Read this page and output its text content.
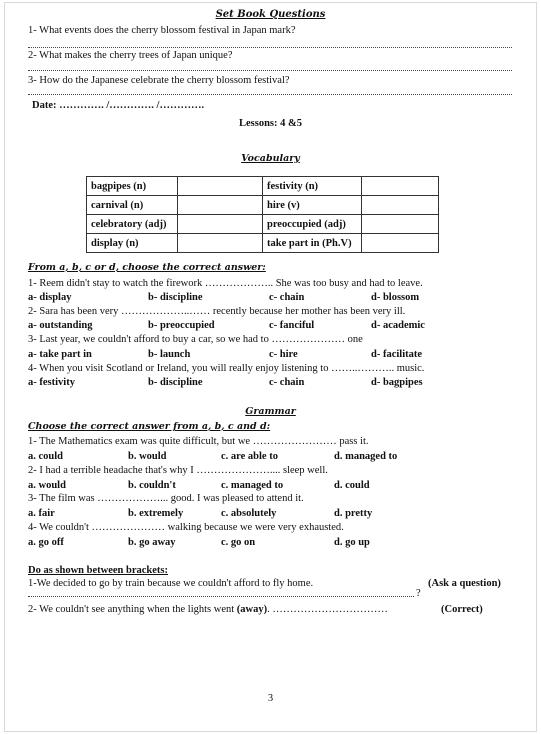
Set Book Questions
1- What events does the cherry blossom festival in Japan mark?
2- What makes the cherry trees of Japan unique?
3- How do the Japanese celebrate the cherry blossom festival?
Date: …………. /…………. /………….
Lessons: 4 &5
Vocabulary
bagpipes (n)		festivity (n)	
carnival (n)		hire (v)	
celebratory (adj)		preoccupied (adj)	
display (n)		take part in (Ph.V)	
From a, b, c or d, choose the correct answer:
1- Reem didn't stay to watch the firework ……………….. She was too busy and had to leave.
a- display	b- discipline	c- chain	d- blossom
2- Sara has been very ………………..…… recently because her mother has been very ill.
a- outstanding	b- preoccupied	c- fanciful	d- academic
3- Last year, we couldn't afford to buy a car, so we had to ………………… one
a- take part in	b- launch	c- hire	d- facilitate
4- When you visit Scotland or Ireland, you will really enjoy listening to ……..……….. music.
a- festivity	b- discipline	c- chain	d- bagpipes
Grammar
Choose the correct answer from a, b, c and d:
1- The Mathematics exam was quite difficult, but we …………………… pass it.
a. could	b. would	c. are able to	d. managed to
2- I had a terrible headache that's why I ………………….... sleep well.
a. would	b. couldn't	c. managed to	d. could
3- The film was ………………... good. I was pleased to attend it.
a. fair	b. extremely	c. absolutely	d. pretty
4- We couldn't ………………… walking because we were very exhausted.
a. go off	b. go away	c. go on	d. go up
Do as shown between brackets:
1-We decided to go by train because we couldn't afford to fly home.	(Ask a question)
?
2- We couldn't see anything when the lights went (away). ……………………………	(Correct)
3
